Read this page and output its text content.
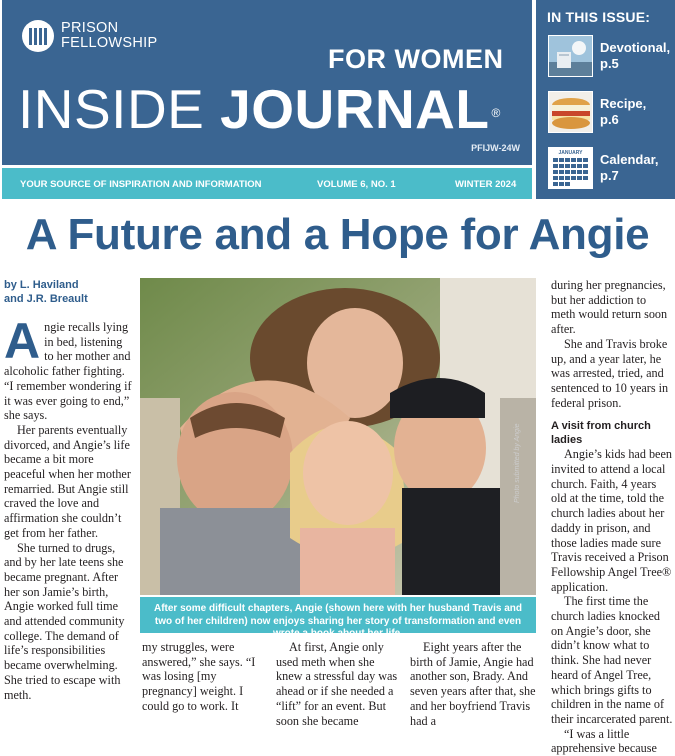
PRISON
FELLOWSHIP
FOR WOMEN
INSIDE JOURNAL ®
PFIJW-24W
YOUR SOURCE OF INSPIRATION AND INFORMATION	VOLUME 6, NO. 1	WINTER 2024
IN THIS ISSUE:
Devotional,
p.5
Recipe,
p.6
JANUARY	Calendar,
p.7
A Future and a Hope for Angie
by L. Haviland
and J.R. Breault

Angie recalls lying in bed, listening to her mother and alcoholic father fighting. “I remember wondering if it was ever going to end,” she says.

Her parents eventually divorced, and Angie’s life became a bit more peaceful when her mother remarried. But Angie still craved the love and affirmation she couldn’t get from her father.

She turned to drugs, and by her late teens she became pregnant. After her son Jamie’s birth, Angie worked full time and attended community college. The demand of life’s responsibilities became overwhelming. She tried to escape with meth.

Photo submitted by Angie
After some difficult chapters, Angie (shown here with her husband Travis and two of her children) now enjoys sharing her story of transformation and even wrote a book about her life.

my struggles, were answered,” she says. “I was losing [my pregnancy] weight. I could go to work. It

At first, Angie only used meth when she knew a stressful day was ahead or if she needed a “lift” for an event. But soon she became

Eight years after the birth of Jamie, Angie had another son, Brady. And seven years after that, she and her boyfriend Travis had a

during her pregnancies, but her addiction to meth would return soon after.

She and Travis broke up, and a year later, he was arrested, tried, and sentenced to 10 years in federal prison.

A visit from church ladies

Angie’s kids had been invited to attend a local church. Faith, 4 years old at the time, told the church ladies about her daddy in prison, and those ladies made sure Travis received a Prison Fellowship Angel Tree® application.

The first time the church ladies knocked on Angie’s door, she didn’t know what to think. She had never heard of Angel Tree, which brings gifts to children in the name of their incarcerated parent.

“I was a little apprehensive because
